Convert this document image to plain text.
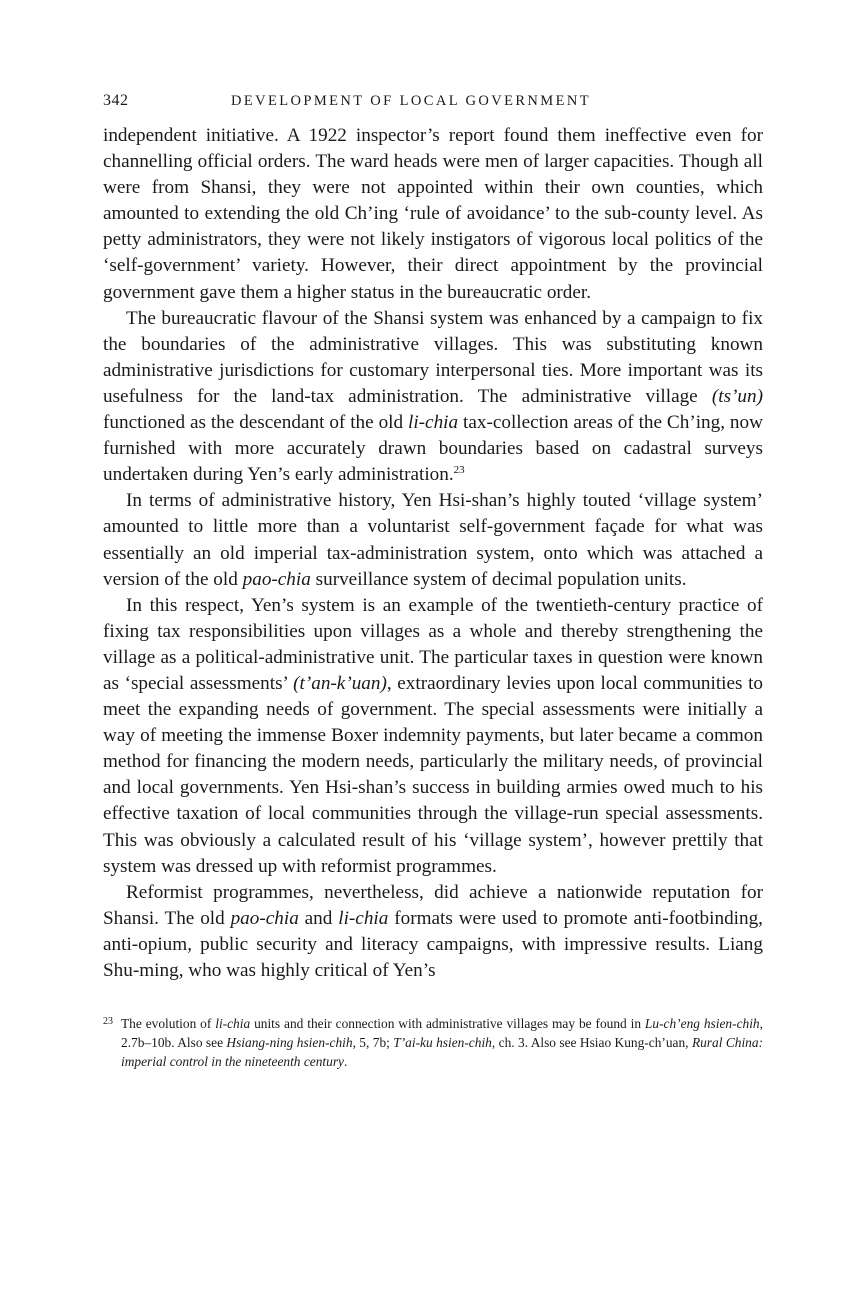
342	DEVELOPMENT OF LOCAL GOVERNMENT

independent initiative. A 1922 inspector’s report found them ineffective even for channelling official orders. The ward heads were men of larger capacities. Though all were from Shansi, they were not appointed within their own counties, which amounted to extending the old Ch’ing ‘rule of avoidance’ to the sub-county level. As petty administrators, they were not likely instigators of vigorous local politics of the ‘self-government’ variety. However, their direct appointment by the provincial government gave them a higher status in the bureaucratic order.

The bureaucratic flavour of the Shansi system was enhanced by a campaign to fix the boundaries of the administrative villages. This was substituting known administrative jurisdictions for customary interpersonal ties. More important was its usefulness for the land-tax administration. The administrative village (ts’un) functioned as the descendant of the old li-chia tax-collection areas of the Ch’ing, now furnished with more accurately drawn boundaries based on cadastral surveys undertaken during Yen’s early administration.$^{23}$

In terms of administrative history, Yen Hsi-shan’s highly touted ‘village system’ amounted to little more than a voluntarist self-government façade for what was essentially an old imperial tax-administration system, onto which was attached a version of the old pao-chia surveillance system of decimal population units.

In this respect, Yen’s system is an example of the twentieth-century practice of fixing tax responsibilities upon villages as a whole and thereby strengthening the village as a political-administrative unit. The particular taxes in question were known as ‘special assessments’ (t’an-k’uan), extraordinary levies upon local communities to meet the expanding needs of government. The special assessments were initially a way of meeting the immense Boxer indemnity payments, but later became a common method for financing the modern needs, particularly the military needs, of provincial and local governments. Yen Hsi-shan’s success in building armies owed much to his effective taxation of local communities through the village-run special assessments. This was obviously a calculated result of his ‘village system’, however prettily that system was dressed up with reformist programmes.

Reformist programmes, nevertheless, did achieve a nationwide reputation for Shansi. The old pao-chia and li-chia formats were used to promote anti-footbinding, anti-opium, public security and literacy campaigns, with impressive results. Liang Shu-ming, who was highly critical of Yen’s

23 The evolution of li-chia units and their connection with administrative villages may be found in Lu-ch’eng hsien-chih, 2.7b–10b. Also see Hsiang-ning hsien-chih, 5, 7b; T’ai-ku hsien-chih, ch. 3. Also see Hsiao Kung-ch’uan, Rural China: imperial control in the nineteenth century.
